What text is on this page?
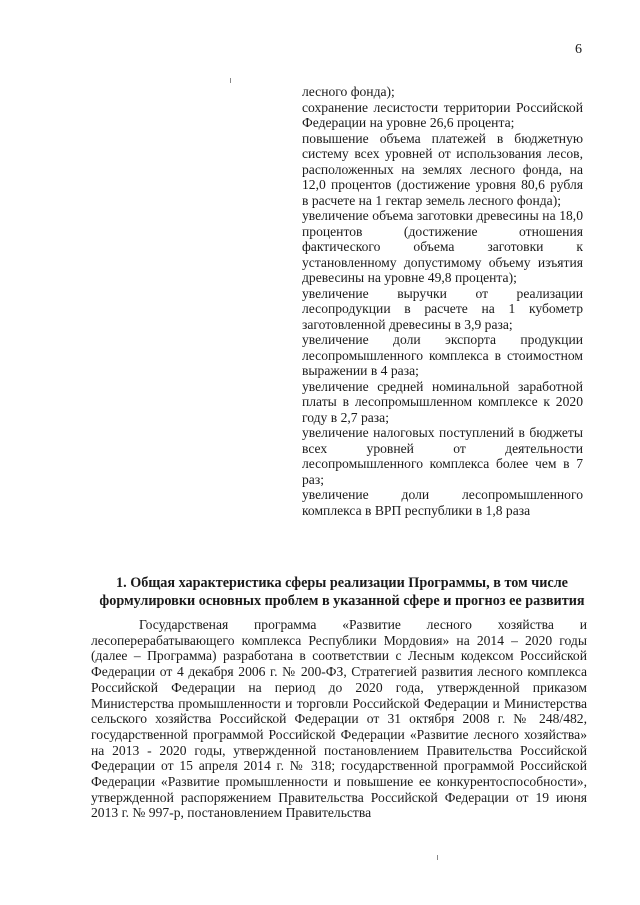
6
лесного фонда);
сохранение лесистости территории Российской Федерации на уровне 26,6 процента;
повышение объема платежей в бюджетную систему всех уровней от использования лесов, расположенных на землях лесного фонда, на 12,0 процентов (достижение уровня 80,6 рубля в расчете на 1 гектар земель лесного фонда);
увеличение объема заготовки древесины на 18,0 процентов (достижение отношения фактического объема заготовки к установленному допустимому объему изъятия древесины на уровне 49,8 процента);
увеличение выручки от реализации лесопродукции в расчете на 1 кубометр заготовленной древесины в 3,9 раза;
увеличение доли экспорта продукции лесопромышленного комплекса в стоимостном выражении в 4 раза;
увеличение средней номинальной заработной платы в лесопромышленном комплексе к 2020 году в 2,7 раза;
увеличение налоговых поступлений в бюджеты всех уровней от деятельности лесопромышленного комплекса более чем в 7 раз;
увеличение доли лесопромышленного комплекса в ВРП республики в 1,8 раза
1. Общая характеристика сферы реализации Программы, в том числе
формулировки основных проблем в указанной сфере и прогноз ее развития

Государственая программа «Развитие лесного хозяйства и лесоперерабатывающего комплекса Республики Мордовия» на 2014 – 2020 годы (далее – Программа) разработана в соответствии с Лесным кодексом Российской Федерации от 4 декабря 2006 г. № 200-ФЗ, Стратегией развития лесного комплекса Российской Федерации на период до 2020 года, утвержденной приказом Министерства промышленности и торговли Российской Федерации и Министерства сельского хозяйства Российской Федерации от 31 октября 2008 г. № 248/482, государственной программой Российской Федерации «Развитие лесного хозяйства» на 2013 - 2020 годы, утвержденной постановлением Правительства Российской Федерации от 15 апреля 2014 г. № 318; государственной программой Российской Федерации «Развитие промышленности и повышение ее конкурентоспособности», утвержденной распоряжением Правительства Российской Федерации от 19 июня 2013 г. № 997-р, постановлением Правительства
